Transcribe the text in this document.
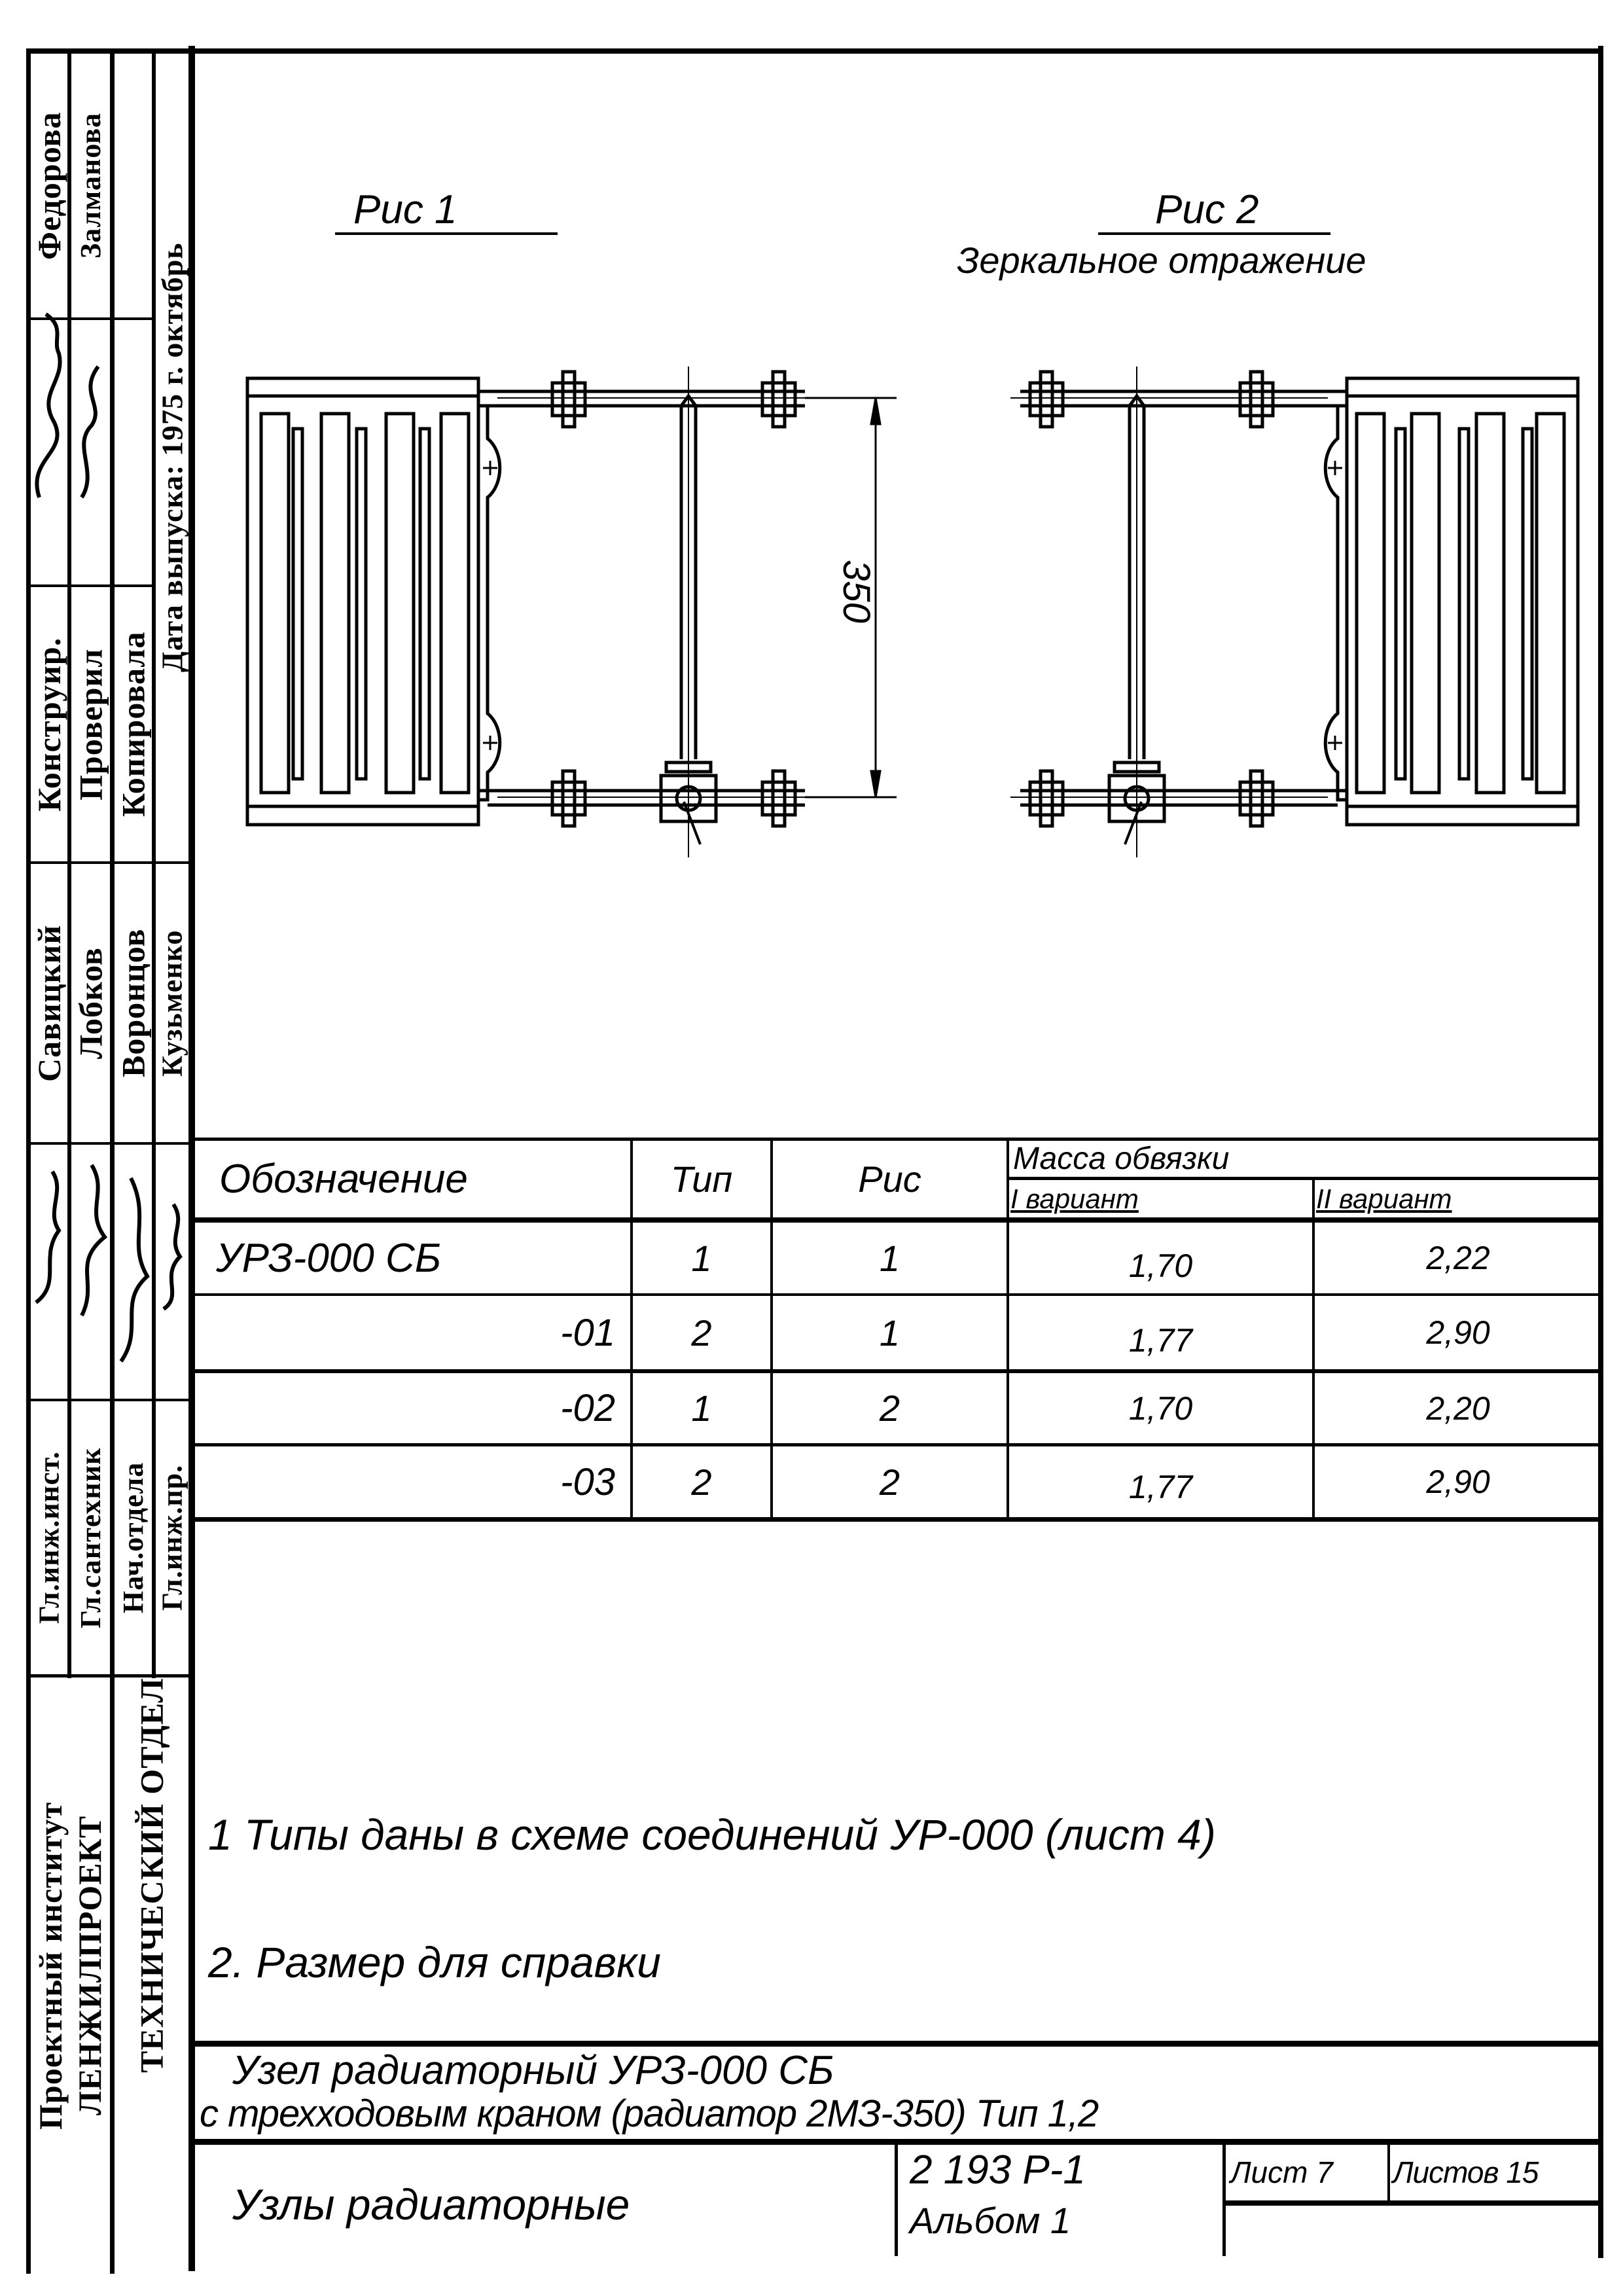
Федорова Залманова
Дата выпуска: 1975 г. октябрь
Конструир. Проверил Копировала
Савицкий Лобков Воронцов Кузьменко
Гл.инж.инст. Гл.сантехник Нач.отдела Гл.инж.пр.
Проектный институт ЛЕНЖИЛПРОЕКТ ТЕХНИЧЕСКИЙ ОТДЕЛ
Рис 1	Рис 2
Зеркальное отражение
350
Обозначение	Тип	Рис	Масса обвязки
I вариант	II вариант
УРЗ-000 СБ	1	1	1,70	2,22
-01	2	1	1,77	2,90
-02	1	2	1,70	2,20
-03	2	2	1,77	2,90
1 Типы даны в схеме соединений УР-000 (лист 4)
2. Размер для справки
Узел радиаторный УРЗ-000 СБ
с трехходовым краном (радиатор 2МЗ-350) Тип 1,2
Узлы радиаторные
2 193 Р-1
Альбом 1
Лист 7 Листов 15
